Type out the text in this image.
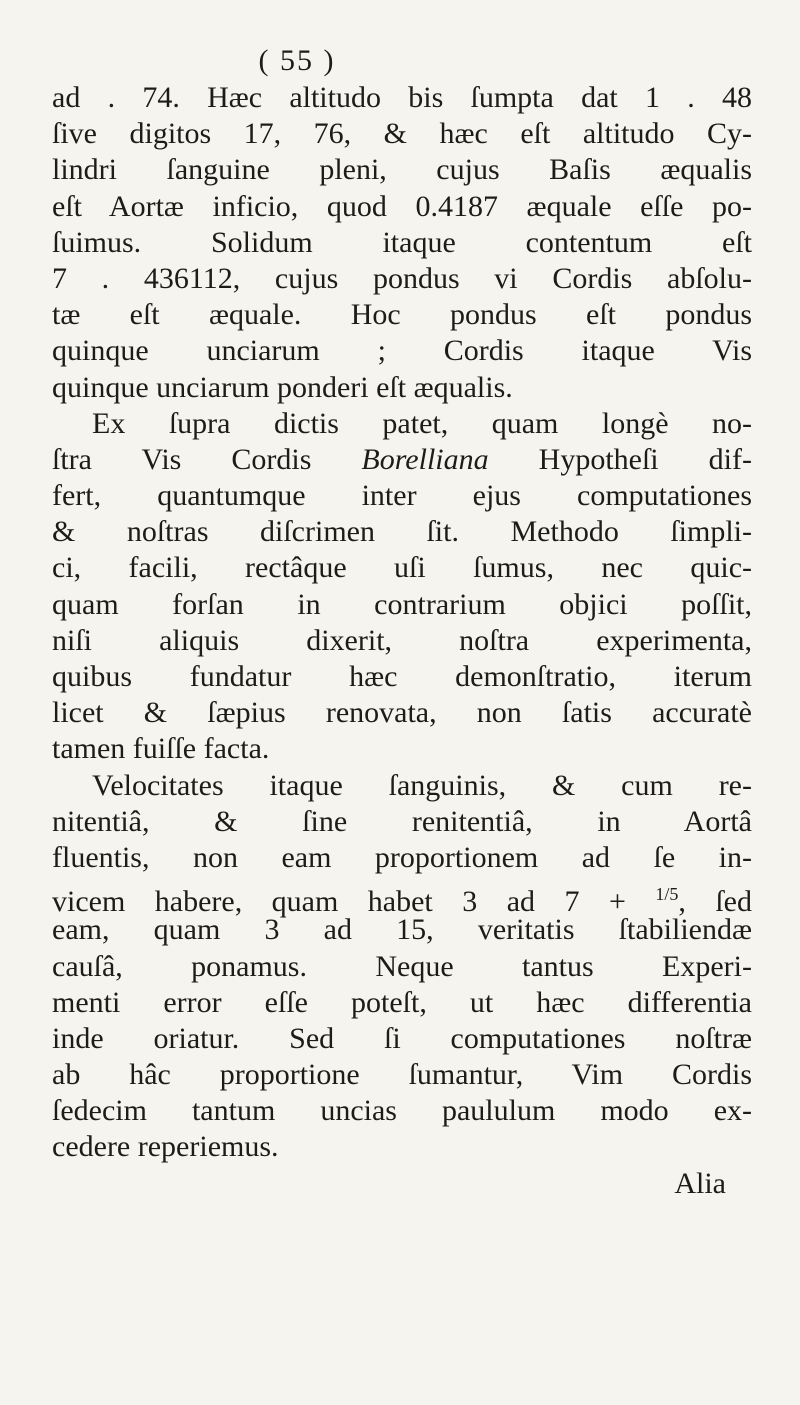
( 55 )
ad . 74. Hæc altitudo bis ſumpta dat 1 . 48
ſive digitos 17, 76, & hæc eſt altitudo Cy-
lindri ſanguine pleni, cujus Baſis æqualis
eſt Aortæ inficio, quod 0.4187 æquale eſſe po-
ſuimus. Solidum itaque contentum eſt
7 . 436112, cujus pondus vi Cordis abſolu-
tæ eſt æquale. Hoc pondus eſt pondus
quinque unciarum ; Cordis itaque Vis
quinque unciarum ponderi eſt æqualis.
Ex ſupra dictis patet, quam longè no-
ſtra Vis Cordis Borelliana Hypotheſi dif-
fert, quantumque inter ejus computationes
& noſtras diſcrimen ſit. Methodo ſimpli-
ci, facili, rectâque uſi ſumus, nec quic-
quam forſan in contrarium objici poſſit,
niſi aliquis dixerit, noſtra experimenta,
quibus fundatur hæc demonſtratio, iterum
licet & ſæpius renovata, non ſatis accuratè
tamen fuiſſe facta.
Velocitates itaque ſanguinis, & cum re-
nitentiâ, & ſine renitentiâ, in Aortâ
fluentis, non eam proportionem ad ſe in-
vicem habere, quam habet 3 ad 7 + $^{1/5}$, ſed
eam, quam 3 ad 15, veritatis ſtabiliendæ
cauſâ, ponamus. Neque tantus Experi-
menti error eſſe poteſt, ut hæc differentia
inde oriatur. Sed ſi computationes noſtræ
ab hâc proportione ſumantur, Vim Cordis
ſedecim tantum uncias paululum modo ex-
cedere reperiemus.
Alia
